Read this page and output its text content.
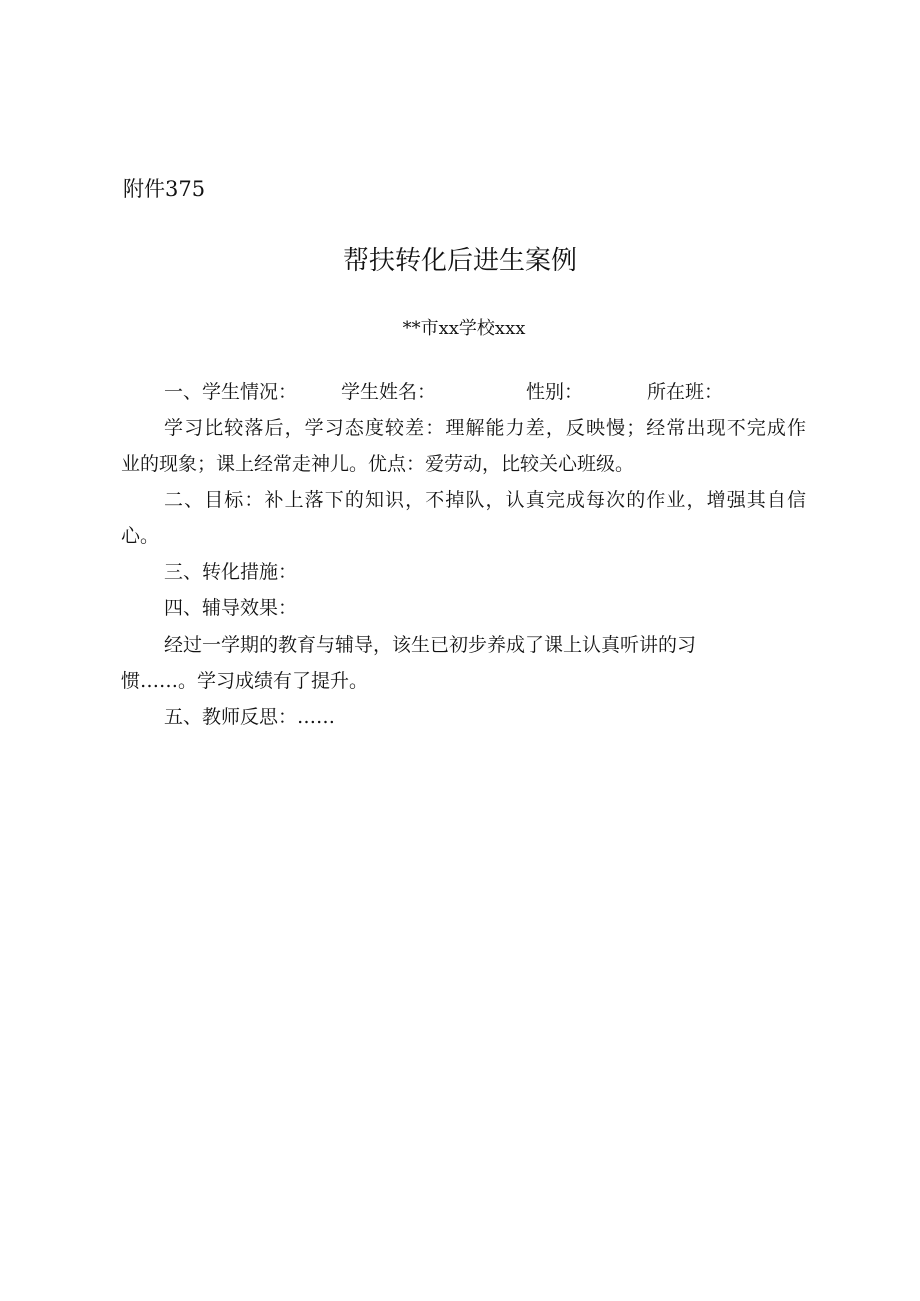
附件375
帮扶转化后进生案例
**市xx学校xxx
一、学生情况： 学生姓名：	性别：	所在班：
学习比较落后，学习态度较差：理解能力差，反映慢；经常出现不完成作
业的现象；课上经常走神儿。优点：爱劳动，比较关心班级。
二、目标：补上落下的知识，不掉队，认真完成每次的作业，增强其自信
心。
三、转化措施：
四、辅导效果：
经过一学期的教育与辅导，该生已初步养成了课上认真听讲的习
惯……。学习成绩有了提升。
五、教师反思：……
